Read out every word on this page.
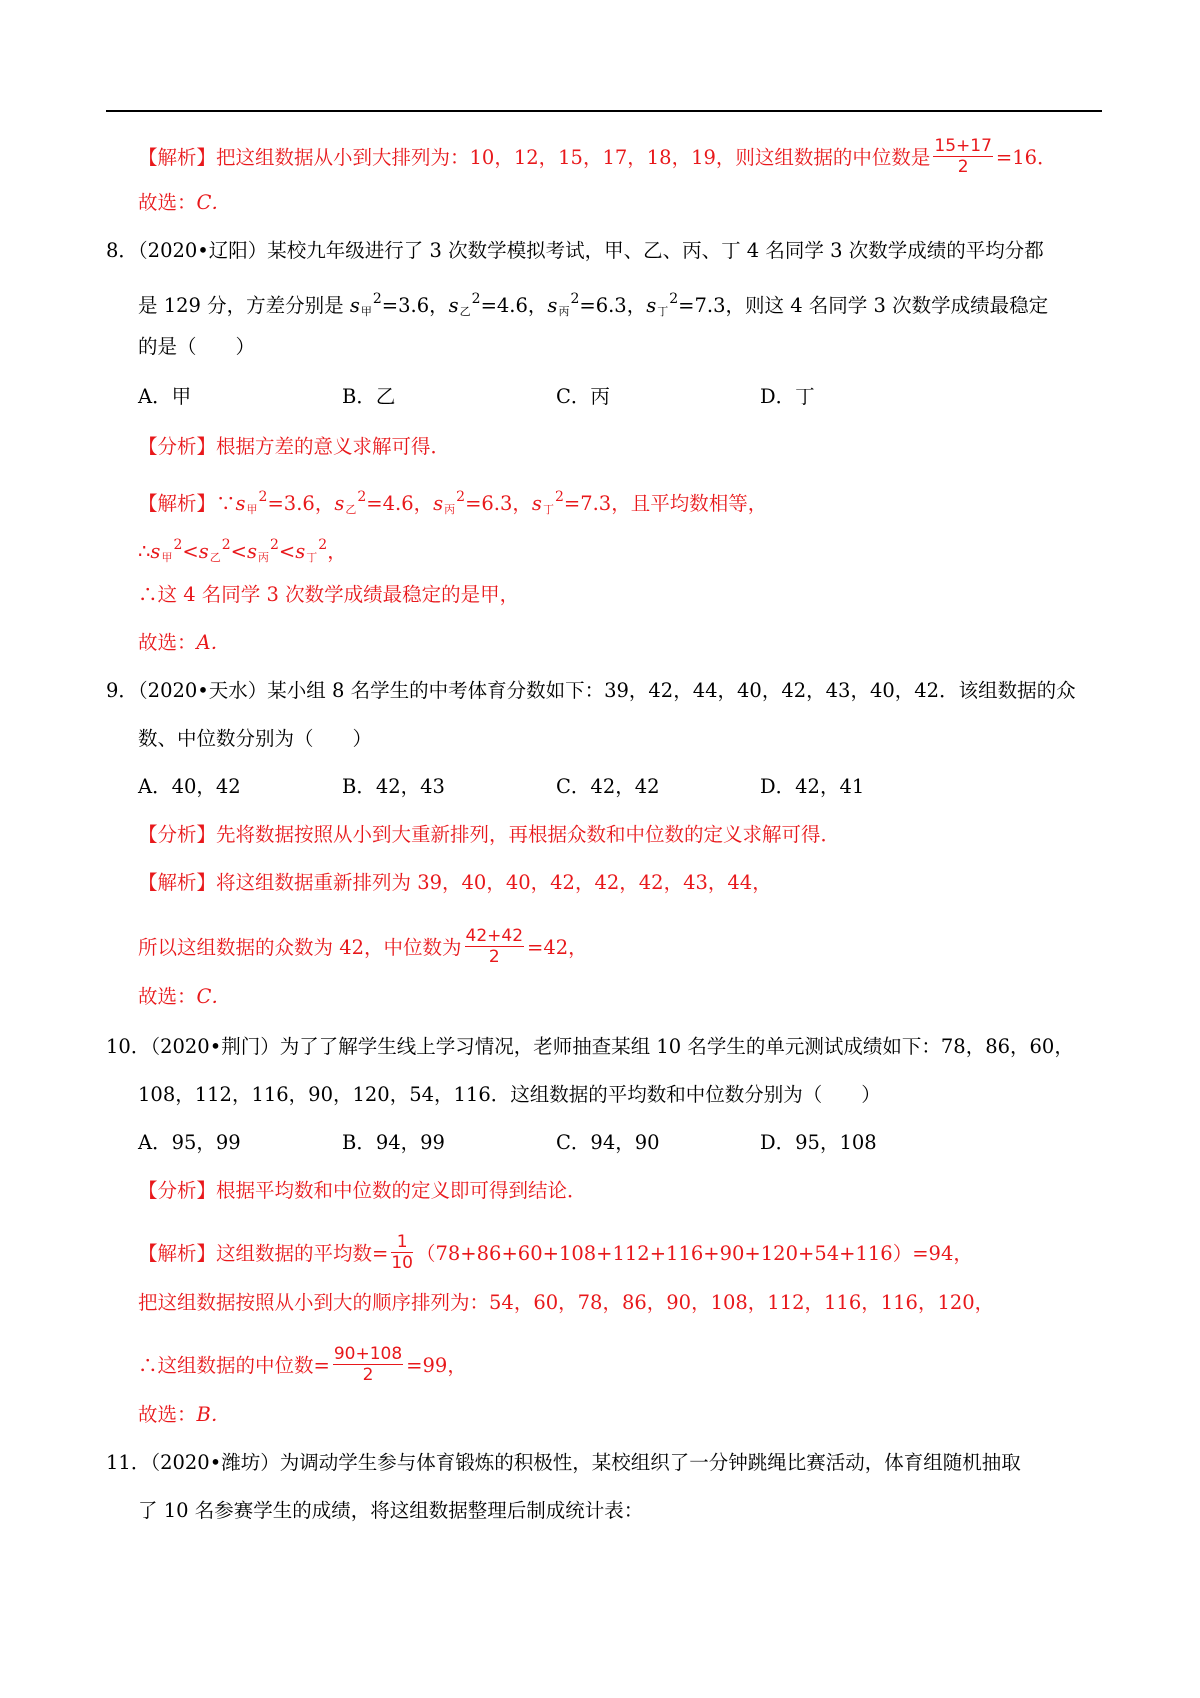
【解析】把这组数据从小到大排列为：10，12，15，17，18，19，则这组数据的中位数是 $\frac{15+17}{2} =16$．
故选：C．
8．（2020•辽阳）某校九年级进行了 3 次数学模拟考试，甲、乙、丙、丁 4 名同学 3 次数学成绩的平均分都
是 129 分，方差分别是 $s_甲^2=3.6$，$s_乙^2=4.6$，$s_丙^2=6.3$，$s_丁^2=7.3$，则这 4 名同学 3 次数学成绩最稳定
的是（　　）
A．甲	B．乙	C．丙	D．丁
【分析】根据方差的意义求解可得．
【解析】$\because s_甲^2=3.6$，$s_乙^2=4.6$，$s_丙^2=6.3$，$s_丁^2=7.3$，且平均数相等，
$\therefore s_甲^2<s_乙^2<s_丙^2<s_丁^2$，
∴这 4 名同学 3 次数学成绩最稳定的是甲，
故选：A．
9．（2020•天水）某小组 8 名学生的中考体育分数如下：39，42，44，40，42，43，40，42．该组数据的众
数、中位数分别为（　　）
A．40，42	B．42，43	C．42，42	D．42，41
【分析】先将数据按照从小到大重新排列，再根据众数和中位数的定义求解可得．
【解析】将这组数据重新排列为 39，40，40，42，42，42，43，44，
所以这组数据的众数为 42，中位数为 $\frac{42+42}{2} =42$，
故选：C．
10．（2020•荆门）为了了解学生线上学习情况，老师抽查某组 10 名学生的单元测试成绩如下：78，86，60，
108，112，116，90，120，54，116．这组数据的平均数和中位数分别为（　　）
A．95，99	B．94，99	C．94，90	D．95，108
【分析】根据平均数和中位数的定义即可得到结论．
【解析】这组数据的平均数= $\frac{1}{10} (78+86+60+108+112+116+90+120+54+116)=94$，
把这组数据按照从小到大的顺序排列为：54，60，78，86，90，108，112，116，116，120，
∴这组数据的中位数= $\frac{90+108}{2} =99$，
故选：B．
11．（2020•潍坊）为调动学生参与体育锻炼的积极性，某校组织了一分钟跳绳比赛活动，体育组随机抽取
了 10 名参赛学生的成绩，将这组数据整理后制成统计表：
